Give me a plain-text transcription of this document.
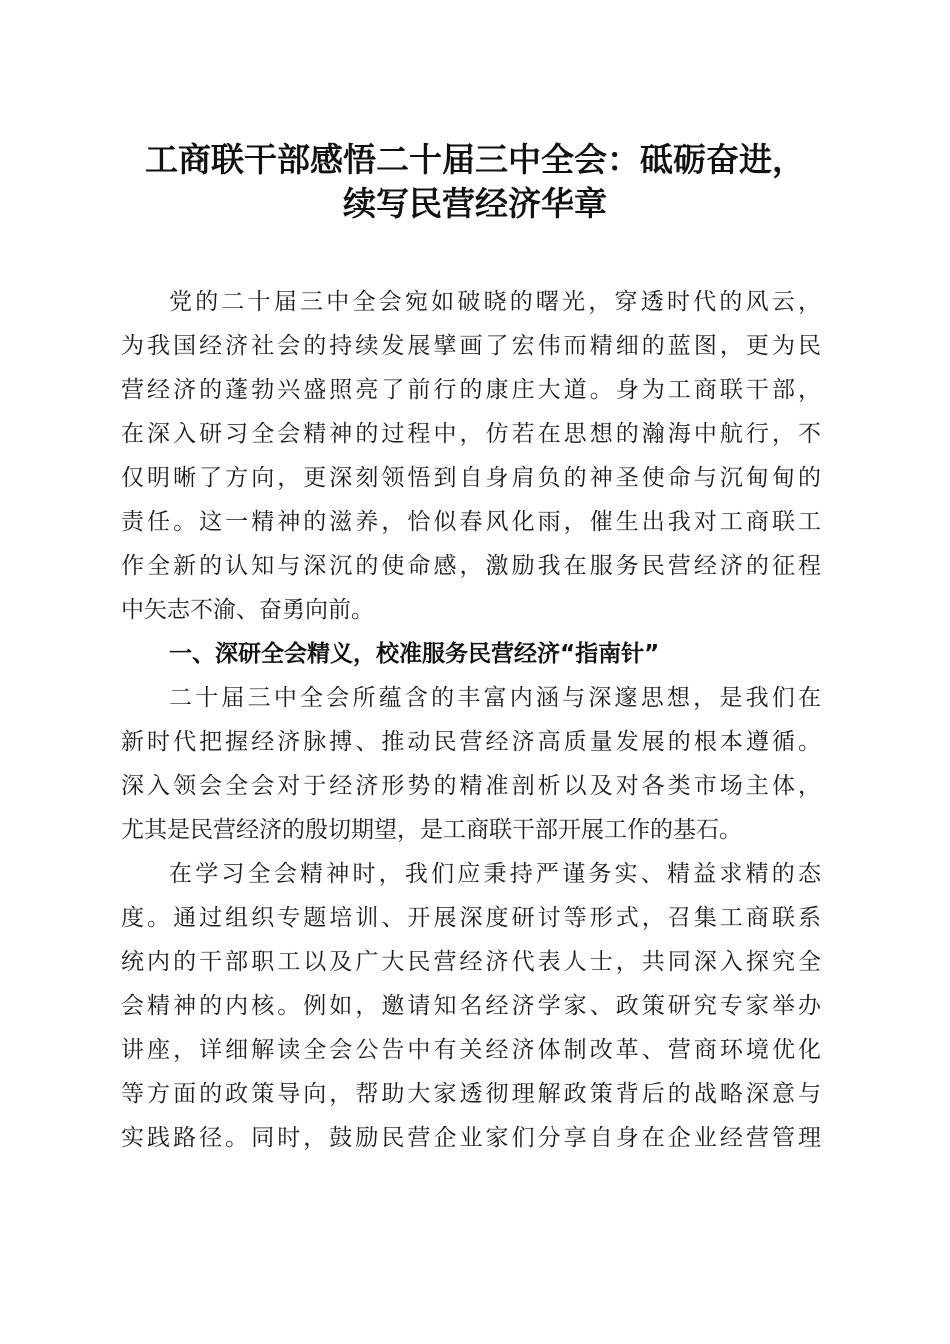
工商联干部感悟二十届三中全会：砥砺奋进，
续写民营经济华章
党的二十届三中全会宛如破晓的曙光，穿透时代的风云，
为我国经济社会的持续发展擘画了宏伟而精细的蓝图，更为民
营经济的蓬勃兴盛照亮了前行的康庄大道。身为工商联干部，
在深入研习全会精神的过程中，仿若在思想的瀚海中航行，不
仅明晰了方向，更深刻领悟到自身肩负的神圣使命与沉甸甸的
责任。这一精神的滋养，恰似春风化雨，催生出我对工商联工
作全新的认知与深沉的使命感，激励我在服务民营经济的征程
中矢志不渝、奋勇向前。
一、深研全会精义，校准服务民营经济“指南针”
二十届三中全会所蕴含的丰富内涵与深邃思想，是我们在
新时代把握经济脉搏、推动民营经济高质量发展的根本遵循。
深入领会全会对于经济形势的精准剖析以及对各类市场主体，
尤其是民营经济的殷切期望，是工商联干部开展工作的基石。
在学习全会精神时，我们应秉持严谨务实、精益求精的态
度。通过组织专题培训、开展深度研讨等形式，召集工商联系
统内的干部职工以及广大民营经济代表人士，共同深入探究全
会精神的内核。例如，邀请知名经济学家、政策研究专家举办
讲座，详细解读全会公告中有关经济体制改革、营商环境优化
等方面的政策导向，帮助大家透彻理解政策背后的战略深意与
实践路径。同时，鼓励民营企业家们分享自身在企业经营管理
